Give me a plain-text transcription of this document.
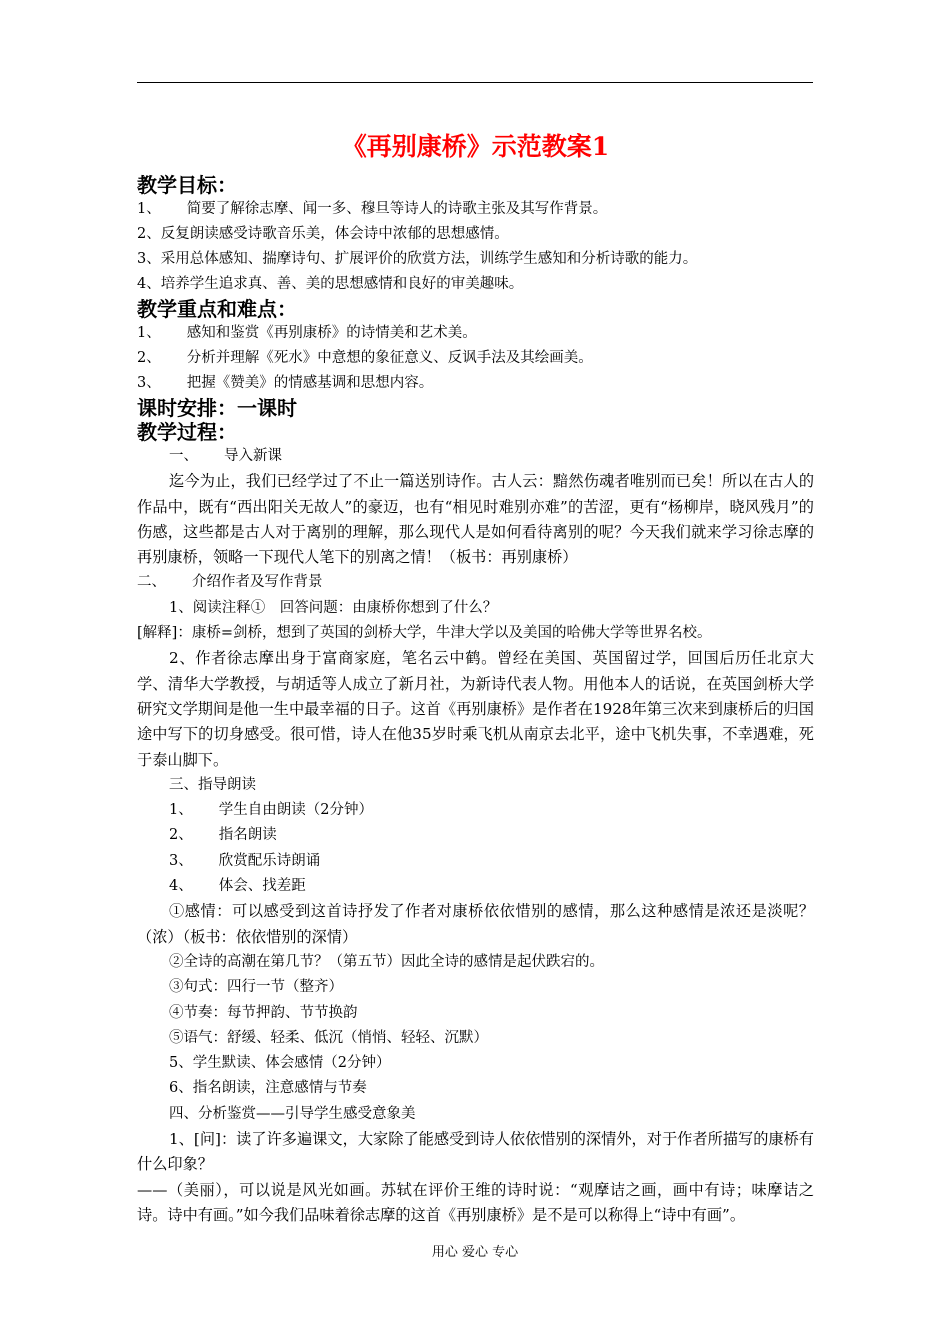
《再别康桥》示范教案1
教学目标：
1、 简要了解徐志摩、闻一多、穆旦等诗人的诗歌主张及其写作背景。
2、反复朗读感受诗歌音乐美，体会诗中浓郁的思想感情。
3、采用总体感知、揣摩诗句、扩展评价的欣赏方法，训练学生感知和分析诗歌的能力。
4、培养学生追求真、善、美的思想感情和良好的审美趣味。
教学重点和难点：
1、 感知和鉴赏《再别康桥》的诗情美和艺术美。
2、 分析并理解《死水》中意想的象征意义、反讽手法及其绘画美。
3、 把握《赞美》的情感基调和思想内容。
课时安排：一课时
教学过程：
一、 导入新课
迄今为止，我们已经学过了不止一篇送别诗作。古人云：黯然伤魂者唯别而已矣！所以在古人的作品中，既有“西出阳关无故人”的豪迈，也有“相见时难别亦难”的苦涩，更有“杨柳岸，晓风残月”的伤感，这些都是古人对于离别的理解，那么现代人是如何看待离别的呢？今天我们就来学习徐志摩的再别康桥，领略一下现代人笔下的别离之情！（板书：再别康桥）
二、 介绍作者及写作背景
1、阅读注释①　回答问题：由康桥你想到了什么？
[解释]：康桥=剑桥，想到了英国的剑桥大学，牛津大学以及美国的哈佛大学等世界名校。
2、作者徐志摩出身于富商家庭，笔名云中鹤。曾经在美国、英国留过学，回国后历任北京大学、清华大学教授，与胡适等人成立了新月社，为新诗代表人物。用他本人的话说，在英国剑桥大学研究文学期间是他一生中最幸福的日子。这首《再别康桥》是作者在1928年第三次来到康桥后的归国途中写下的切身感受。很可惜，诗人在他35岁时乘飞机从南京去北平，途中飞机失事，不幸遇难，死于泰山脚下。
三、指导朗读
1、 学生自由朗读（2分钟）
2、 指名朗读
3、 欣赏配乐诗朗诵
4、 体会、找差距
①感情：可以感受到这首诗抒发了作者对康桥依依惜别的感情，那么这种感情是浓还是淡呢？（浓）（板书：依依惜别的深情）
②全诗的高潮在第几节？（第五节）因此全诗的感情是起伏跌宕的。
③句式：四行一节（整齐）
④节奏：每节押韵、节节换韵
⑤语气：舒缓、轻柔、低沉（悄悄、轻轻、沉默）
5、学生默读、体会感情（2分钟）
6、指名朗读，注意感情与节奏
四、分析鉴赏——引导学生感受意象美
1、[问]：读了许多遍课文，大家除了能感受到诗人依依惜别的深情外，对于作者所描写的康桥有什么印象？
——（美丽），可以说是风光如画。苏轼在评价王维的诗时说：“观摩诘之画，画中有诗；味摩诘之诗。诗中有画。”如今我们品味着徐志摩的这首《再别康桥》是不是可以称得上“诗中有画”。
用心 爱心 专心
